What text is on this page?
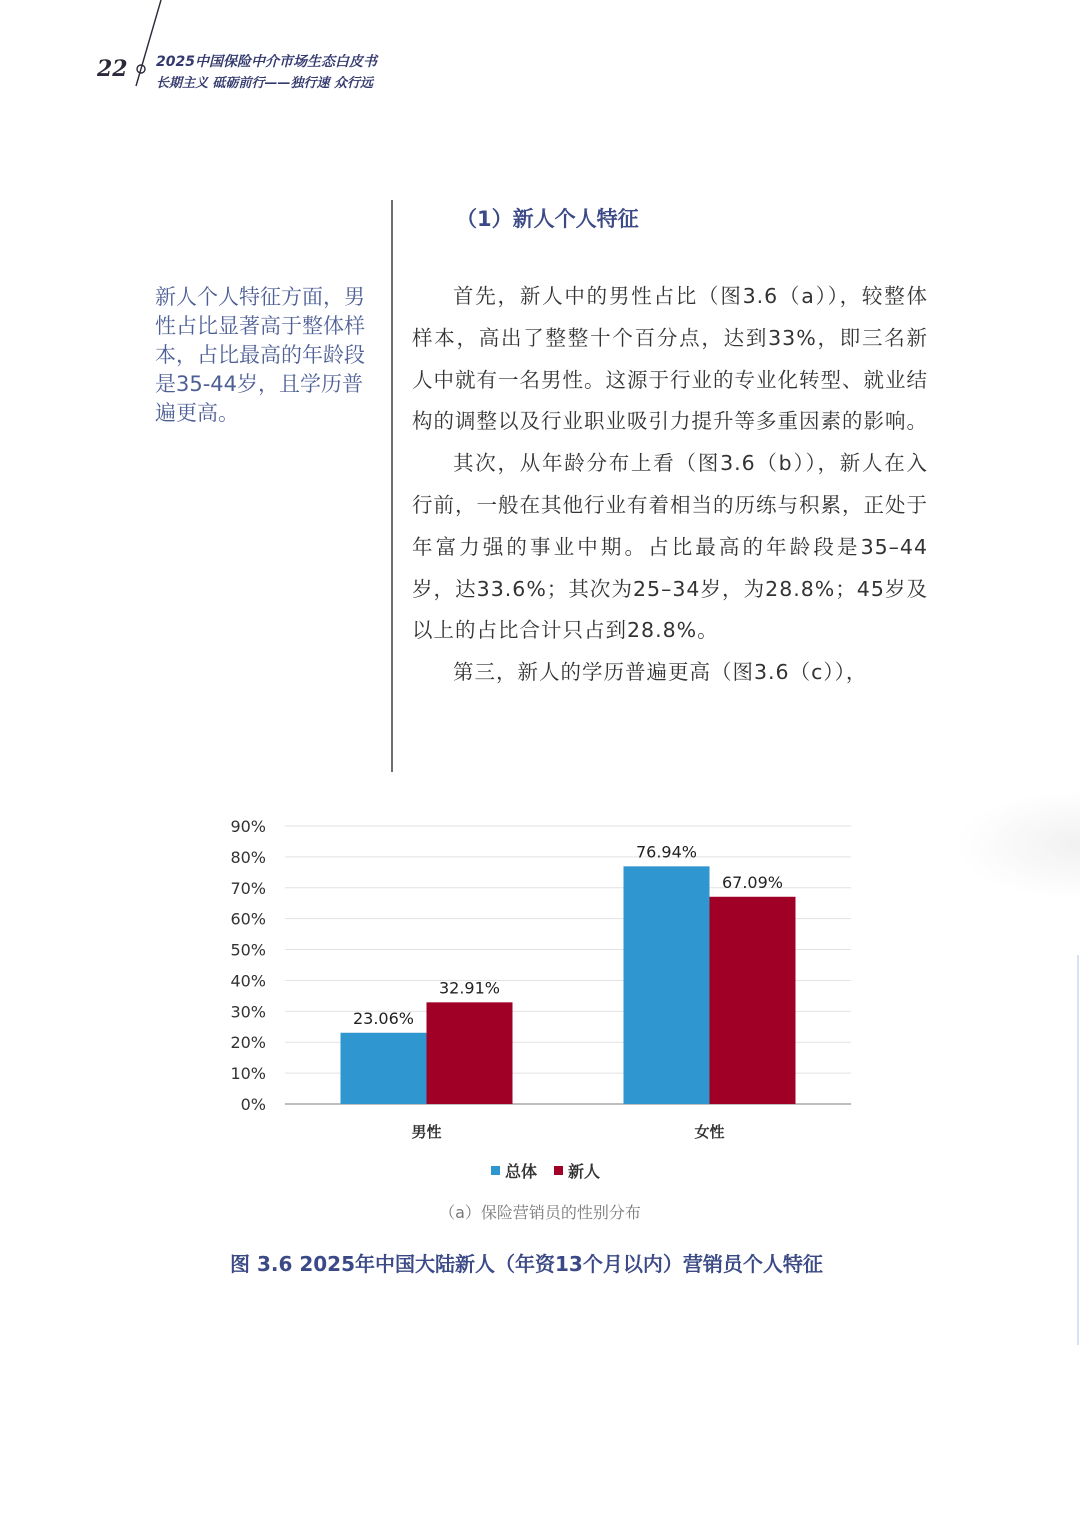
22 2025中国保险中介市场生态白皮书
长期主义 砥砺前行——独行速 众行远
新人个人特征方面，男性占比显著高于整体样本，占比最高的年龄段是35-44岁，且学历普遍更高。
（1）新人个人特征

首先，新人中的男性占比（图3.6（a）），较整体样本，高出了整整十个百分点，达到33%，即三名新人中就有一名男性。这源于行业的专业化转型、就业结构的调整以及行业职业吸引力提升等多重因素的影响。

其次，从年龄分布上看（图3.6（b）），新人在入行前，一般在其他行业有着相当的历练与积累，正处于年富力强的事业中期。占比最高的年龄段是35–44岁，达33.6%；其次为25–34岁，为28.8%；45岁及以上的占比合计只占到28.8%。

第三，新人的学历普遍更高（图3.6（c）），

90%
80%
70%
60%
50%
40%
30%
20%
10%
0%
23.06%
32.91%
男性
76.94%
67.09%
女性
总体 新人
（a）保险营销员的性别分布
图 3.6 2025年中国大陆新人（年资13个月以内）营销员个人特征
